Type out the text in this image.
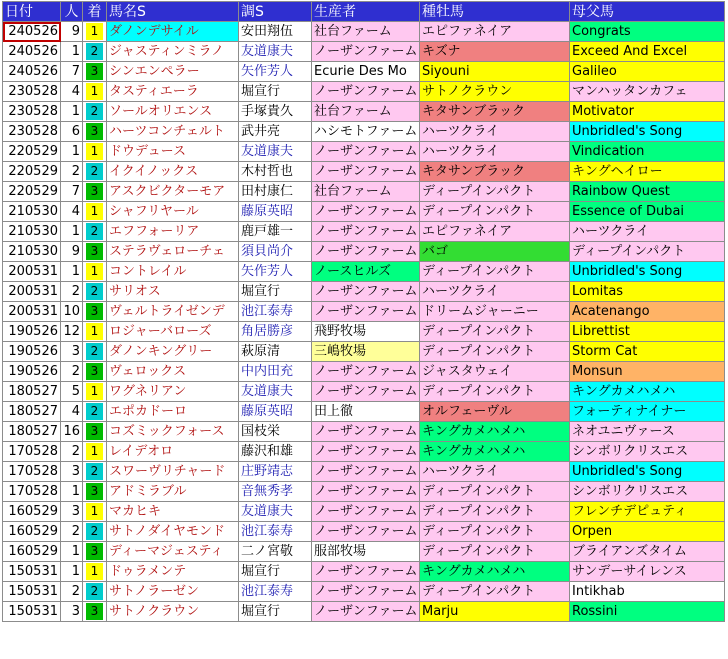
日付	人	着	馬名S	調S	生産者	種牡馬	母父馬
240526	9	1	ダノンデサイル	安田翔伍	社台ファーム	エピファネイア	Congrats
240526	1	2	ジャスティンミラノ	友道康夫	ノーザンファーム	キズナ	Exceed And Excel
240526	7	3	シンエンペラー	矢作芳人	Ecurie Des Mo	Siyouni	Galileo
230528	4	1	タスティエーラ	堀宣行	ノーザンファーム	サトノクラウン	マンハッタンカフェ
230528	1	2	ソールオリエンス	手塚貴久	社台ファーム	キタサンブラック	Motivator
230528	6	3	ハーツコンチェルト	武井亮	ハシモトファーム	ハーツクライ	Unbridled's Song
220529	1	1	ドウデュース	友道康夫	ノーザンファーム	ハーツクライ	Vindication
220529	2	2	イクイノックス	木村哲也	ノーザンファーム	キタサンブラック	キングヘイロー
220529	7	3	アスクビクターモア	田村康仁	社台ファーム	ディープインパクト	Rainbow Quest
210530	4	1	シャフリヤール	藤原英昭	ノーザンファーム	ディープインパクト	Essence of Dubai
210530	1	2	エフフォーリア	鹿戸雄一	ノーザンファーム	エピファネイア	ハーツクライ
210530	9	3	ステラヴェローチェ	須貝尚介	ノーザンファーム	バゴ	ディープインパクト
200531	1	1	コントレイル	矢作芳人	ノースヒルズ	ディープインパクト	Unbridled's Song
200531	2	2	サリオス	堀宣行	ノーザンファーム	ハーツクライ	Lomitas
200531	10	3	ヴェルトライゼンデ	池江泰寿	ノーザンファーム	ドリームジャーニー	Acatenango
190526	12	1	ロジャーバローズ	角居勝彦	飛野牧場	ディープインパクト	Librettist
190526	3	2	ダノンキングリー	萩原清	三嶋牧場	ディープインパクト	Storm Cat
190526	2	3	ヴェロックス	中内田充	ノーザンファーム	ジャスタウェイ	Monsun
180527	5	1	ワグネリアン	友道康夫	ノーザンファーム	ディープインパクト	キングカメハメハ
180527	4	2	エポカドーロ	藤原英昭	田上徹	オルフェーヴル	フォーティナイナー
180527	16	3	コズミックフォース	国枝栄	ノーザンファーム	キングカメハメハ	ネオユニヴァース
170528	2	1	レイデオロ	藤沢和雄	ノーザンファーム	キングカメハメハ	シンボリクリスエス
170528	3	2	スワーヴリチャード	庄野靖志	ノーザンファーム	ハーツクライ	Unbridled's Song
170528	1	3	アドミラブル	音無秀孝	ノーザンファーム	ディープインパクト	シンボリクリスエス
160529	3	1	マカヒキ	友道康夫	ノーザンファーム	ディープインパクト	フレンチデピュティ
160529	2	2	サトノダイヤモンド	池江泰寿	ノーザンファーム	ディープインパクト	Orpen
160529	1	3	ディーマジェスティ	二ノ宮敬	服部牧場	ディープインパクト	ブライアンズタイム
150531	1	1	ドゥラメンテ	堀宣行	ノーザンファーム	キングカメハメハ	サンデーサイレンス
150531	2	2	サトノラーゼン	池江泰寿	ノーザンファーム	ディープインパクト	Intikhab
150531	3	3	サトノクラウン	堀宣行	ノーザンファーム	Marju	Rossini
